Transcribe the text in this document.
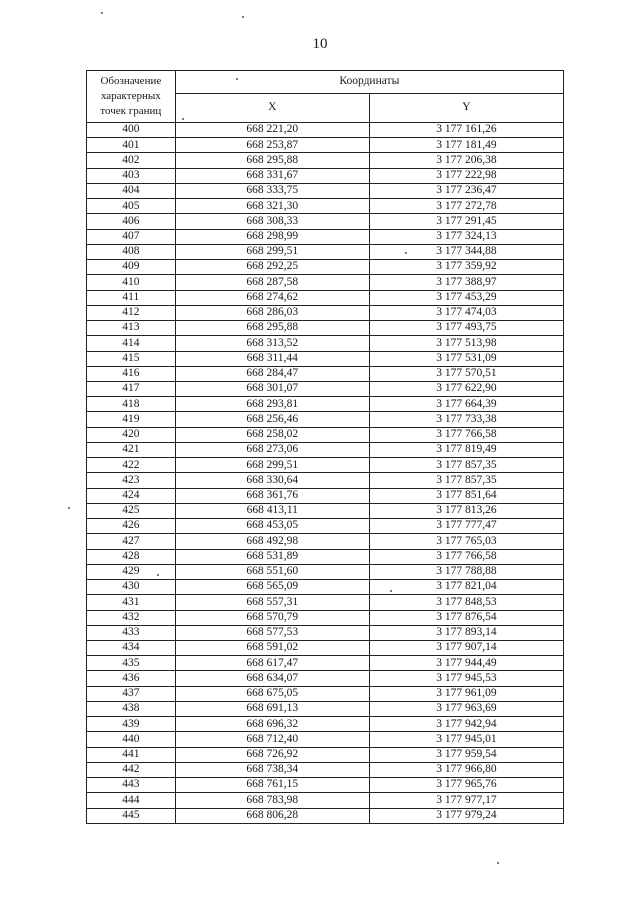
10
Обозначение характерных точек границ	Координаты	
	X	Y
400	668 221,20	3 177 161,26
401	668 253,87	3 177 181,49
402	668 295,88	3 177 206,38
403	668 331,67	3 177 222,98
404	668 333,75	3 177 236,47
405	668 321,30	3 177 272,78
406	668 308,33	3 177 291,45
407	668 298,99	3 177 324,13
408	668 299,51	3 177 344,88
409	668 292,25	3 177 359,92
410	668 287,58	3 177 388,97
411	668 274,62	3 177 453,29
412	668 286,03	3 177 474,03
413	668 295,88	3 177 493,75
414	668 313,52	3 177 513,98
415	668 311,44	3 177 531,09
416	668 284,47	3 177 570,51
417	668 301,07	3 177 622,90
418	668 293,81	3 177 664,39
419	668 256,46	3 177 733,38
420	668 258,02	3 177 766,58
421	668 273,06	3 177 819,49
422	668 299,51	3 177 857,35
423	668 330,64	3 177 857,35
424	668 361,76	3 177 851,64
425	668 413,11	3 177 813,26
426	668 453,05	3 177 777,47
427	668 492,98	3 177 765,03
428	668 531,89	3 177 766,58
429	668 551,60	3 177 788,88
430	668 565,09	3 177 821,04
431	668 557,31	3 177 848,53
432	668 570,79	3 177 876,54
433	668 577,53	3 177 893,14
434	668 591,02	3 177 907,14
435	668 617,47	3 177 944,49
436	668 634,07	3 177 945,53
437	668 675,05	3 177 961,09
438	668 691,13	3 177 963,69
439	668 696,32	3 177 942,94
440	668 712,40	3 177 945,01
441	668 726,92	3 177 959,54
442	668 738,34	3 177 966,80
443	668 761,15	3 177 965,76
444	668 783,98	3 177 977,17
445	668 806,28	3 177 979,24
